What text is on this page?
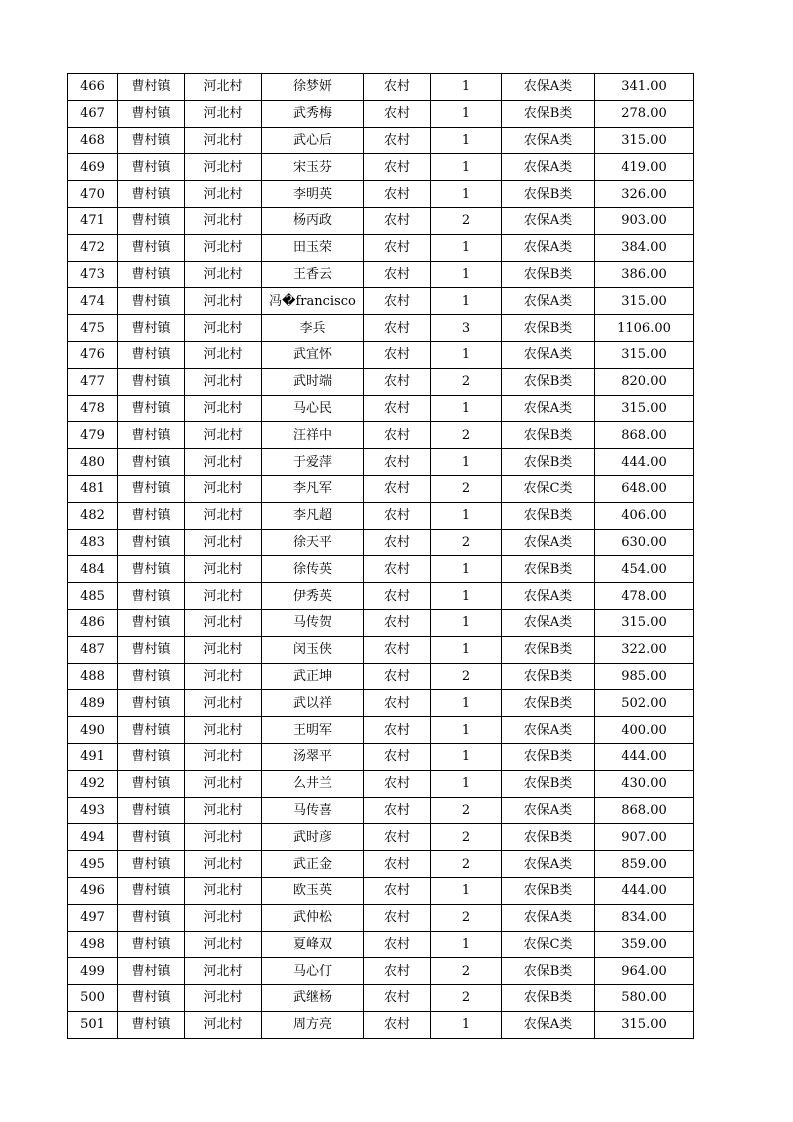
466	曹村镇	河北村	徐梦妍	农村	1	农保A类	341.00
467	曹村镇	河北村	武秀梅	农村	1	农保B类	278.00
468	曹村镇	河北村	武心后	农村	1	农保A类	315.00
469	曹村镇	河北村	宋玉芬	农村	1	农保A类	419.00
470	曹村镇	河北村	李明英	农村	1	农保B类	326.00
471	曹村镇	河北村	杨丙政	农村	2	农保A类	903.00
472	曹村镇	河北村	田玉荣	农村	1	农保A类	384.00
473	曹村镇	河北村	王香云	农村	1	农保B类	386.00
474	曹村镇	河北村	冯�francisco	农村	1	农保A类	315.00
475	曹村镇	河北村	李兵	农村	3	农保B类	1106.00
476	曹村镇	河北村	武宜怀	农村	1	农保A类	315.00
477	曹村镇	河北村	武时端	农村	2	农保B类	820.00
478	曹村镇	河北村	马心民	农村	1	农保A类	315.00
479	曹村镇	河北村	汪祥中	农村	2	农保B类	868.00
480	曹村镇	河北村	于爱萍	农村	1	农保B类	444.00
481	曹村镇	河北村	李凡军	农村	2	农保C类	648.00
482	曹村镇	河北村	李凡超	农村	1	农保B类	406.00
483	曹村镇	河北村	徐天平	农村	2	农保A类	630.00
484	曹村镇	河北村	徐传英	农村	1	农保B类	454.00
485	曹村镇	河北村	伊秀英	农村	1	农保A类	478.00
486	曹村镇	河北村	马传贺	农村	1	农保A类	315.00
487	曹村镇	河北村	闵玉侠	农村	1	农保B类	322.00
488	曹村镇	河北村	武正坤	农村	2	农保B类	985.00
489	曹村镇	河北村	武以祥	农村	1	农保B类	502.00
490	曹村镇	河北村	王明军	农村	1	农保A类	400.00
491	曹村镇	河北村	汤翠平	农村	1	农保B类	444.00
492	曹村镇	河北村	么井兰	农村	1	农保B类	430.00
493	曹村镇	河北村	马传喜	农村	2	农保A类	868.00
494	曹村镇	河北村	武时彦	农村	2	农保B类	907.00
495	曹村镇	河北村	武正金	农村	2	农保A类	859.00
496	曹村镇	河北村	欧玉英	农村	1	农保B类	444.00
497	曹村镇	河北村	武仲松	农村	2	农保A类	834.00
498	曹村镇	河北村	夏峰双	农村	1	农保C类	359.00
499	曹村镇	河北村	马心仃	农村	2	农保B类	964.00
500	曹村镇	河北村	武继杨	农村	2	农保B类	580.00
501	曹村镇	河北村	周方亮	农村	1	农保A类	315.00
